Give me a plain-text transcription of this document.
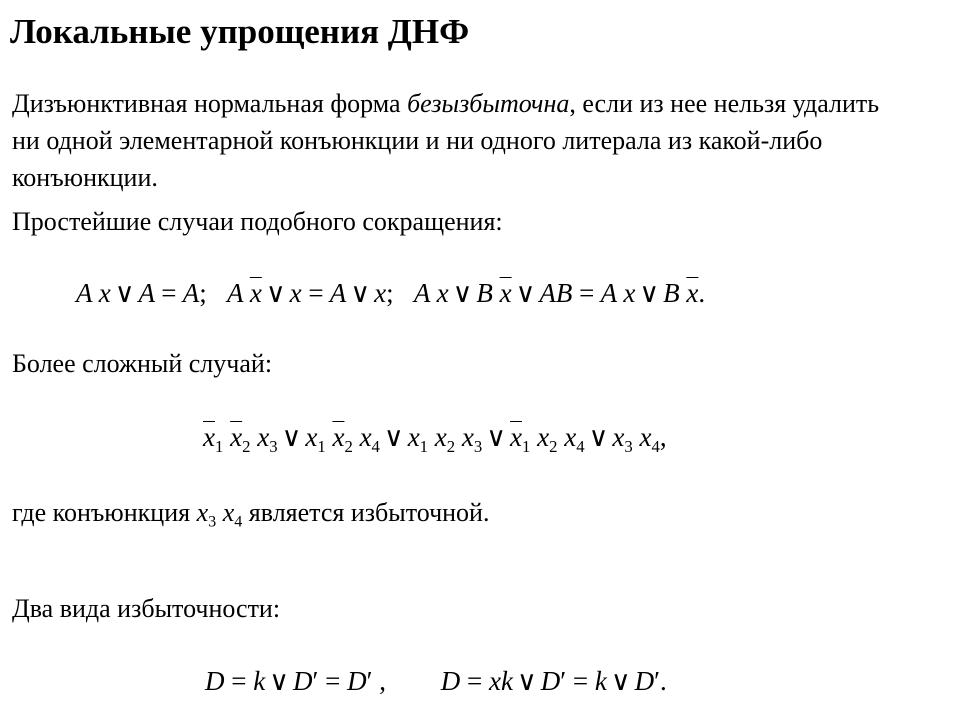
Локальные упрощения ДНФ
Дизъюнктивная нормальная форма безызбыточна, если из нее нельзя удалить ни одной элементарной конъюнкции и ни одного литерала из какой-либо конъюнкции.
Простейшие случаи подобного сокращения:
A x ∨ A = A; A $\overline{x}$ ∨ x = A ∨ x; A x ∨ B $\overline{x}$ ∨ AB = A x ∨ B $\overline{x}$.
Более сложный случай:
$\overline{x}_1$ $\overline{x}_2$ $x_3$ ∨ $x_1$ $\overline{x}_2$ $x_4$ ∨ $x_1$ $x_2$ $x_3$ ∨ $\overline{x}_1$ $x_2$ $x_4$ ∨ $x_3$ $x_4$,
где конъюнкция $x_3$ $x_4$ является избыточной.
Два вида избыточности:
D = k ∨ D′ = D′ , D = xk ∨ D′ = k ∨ D′.
